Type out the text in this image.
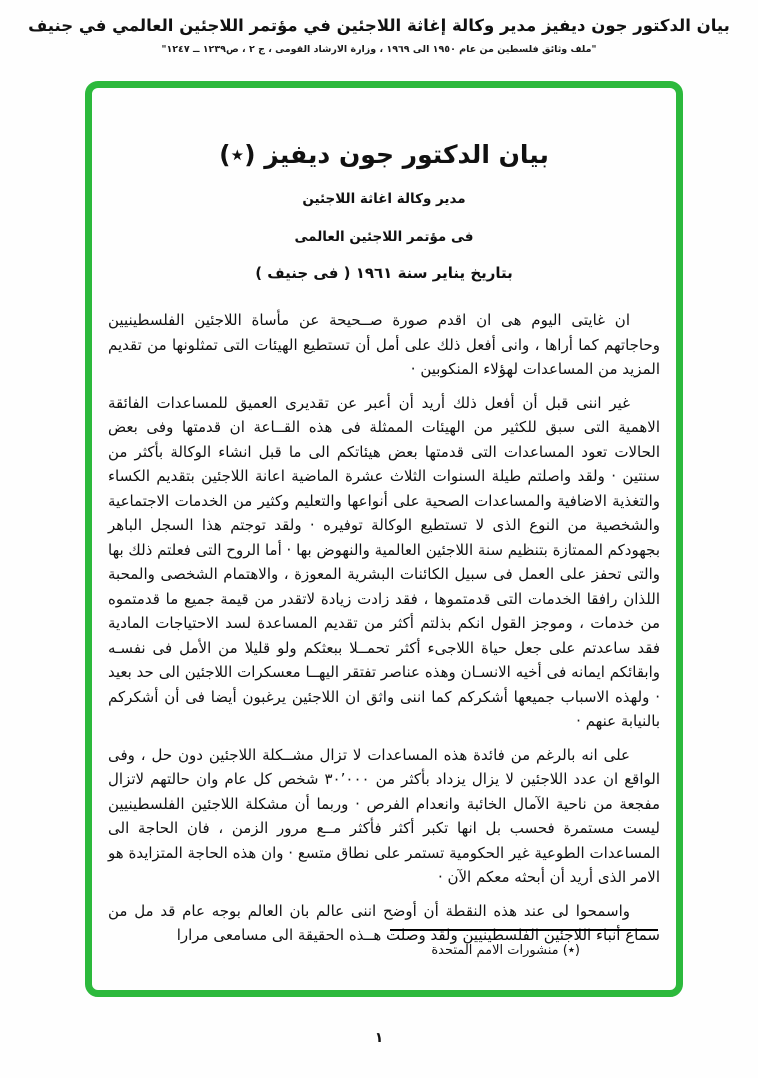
بيان الدكتور جون ديفيز مدير وكالة إغاثة اللاجئين في مؤتمر اللاجئين العالمي في جنيف
"ملف وثائق فلسطين من عام ١٩٥٠ الى ١٩٦٩ ، وزارة الارشاد القومى ، ج ٢ ، ص١٢٣٩ ــ ١٢٤٧"
بيان الدكتور جون ديفيز (٭)
مدير وكالة اغاثة اللاجئين
فى مؤتمر اللاجئين العالمى
بتاريخ يناير سنة ١٩٦١ ( فى جنيف )

ان غايتى اليوم هى ان اقدم صورة صــحيحة عن مأساة اللاجئين الفلسطينيين وحاجاتهم كما أراها ، وانى أفعل ذلك على أمل أن تستطيع الهيئات التى تمثلونها من تقديم المزيد من المساعدات لهؤلاء المنكوبين ·

غير اننى قبل أن أفعل ذلك أريد أن أعبر عن تقديرى العميق للمساعدات الفائقة الاهمية التى سبق للكثير من الهيئات الممثلة فى هذه القــاعة ان قدمتها وفى بعض الحالات تعود المساعدات التى قدمتها بعض هيئاتكم الى ما قبل انشاء الوكالة بأكثر من سنتين · ولقد واصلتم طيلة السنوات الثلاث عشرة الماضية اعانة اللاجئين بتقديم الكساء والتغذية الاضافية والمساعدات الصحية على أنواعها والتعليم وكثير من الخدمات الاجتماعية والشخصية من النوع الذى لا تستطيع الوكالة توفيره · ولقد توجتم هذا السجل الباهر بجهودكم الممتازة بتنظيم سنة اللاجئين العالمية والنهوض بها · أما الروح التى فعلتم ذلك بها والتى تحفز على العمل فى سبيل الكائنات البشرية المعوزة ، والاهتمام الشخصى والمحبة اللذان رافقا الخدمات التى قدمتموها ، فقد زادت زيادة لاتقدر من قيمة جميع ما قدمتموه من خدمات ، وموجز القول انكم بذلتم أكثر من تقديم المساعدة لسد الاحتياجات المادية فقد ساعدتم على جعل حياة اللاجىء أكثر تحمــلا ببعثكم ولو قليلا من الأمل فى نفسـه وابقائكم ايمانه فى أخيه الانسـان وهذه عناصر تفتقر اليهــا معسكرات اللاجئين الى حد بعيد · ولهذه الاسباب جميعها أشكركم كما اننى واثق ان اللاجئين يرغبون أيضا فى أن أشكركم بالنيابة عنهم ·

على انه بالرغم من فائدة هذه المساعدات لا تزال مشــكلة اللاجئين دون حل ، وفى الواقع ان عدد اللاجئين لا يزال يزداد بأكثر من ٣٠٬٠٠٠ شخص كل عام وان حالتهم لاتزال مفجعة من ناحية الآمال الخائبة وانعدام الفرص · وربما أن مشكلة اللاجئين الفلسطينيين ليست مستمرة فحسب بل انها تكبر أكثر فأكثر مــع مرور الزمن ، فان الحاجة الى المساعدات الطوعية غير الحكومية تستمر على نطاق متسع · وان هذه الحاجة المتزايدة هو الامر الذى أريد أن أبحثه معكم الآن ·

واسمحوا لى عند هذه النقطة أن أوضح اننى عالم بان العالم بوجه عام قد مل من سماع أنباء اللاجئين الفلسطينيين ولقد وصلت هــذه الحقيقة الى مسامعى مرارا

(٭) منشورات الامم المتحدة
١
